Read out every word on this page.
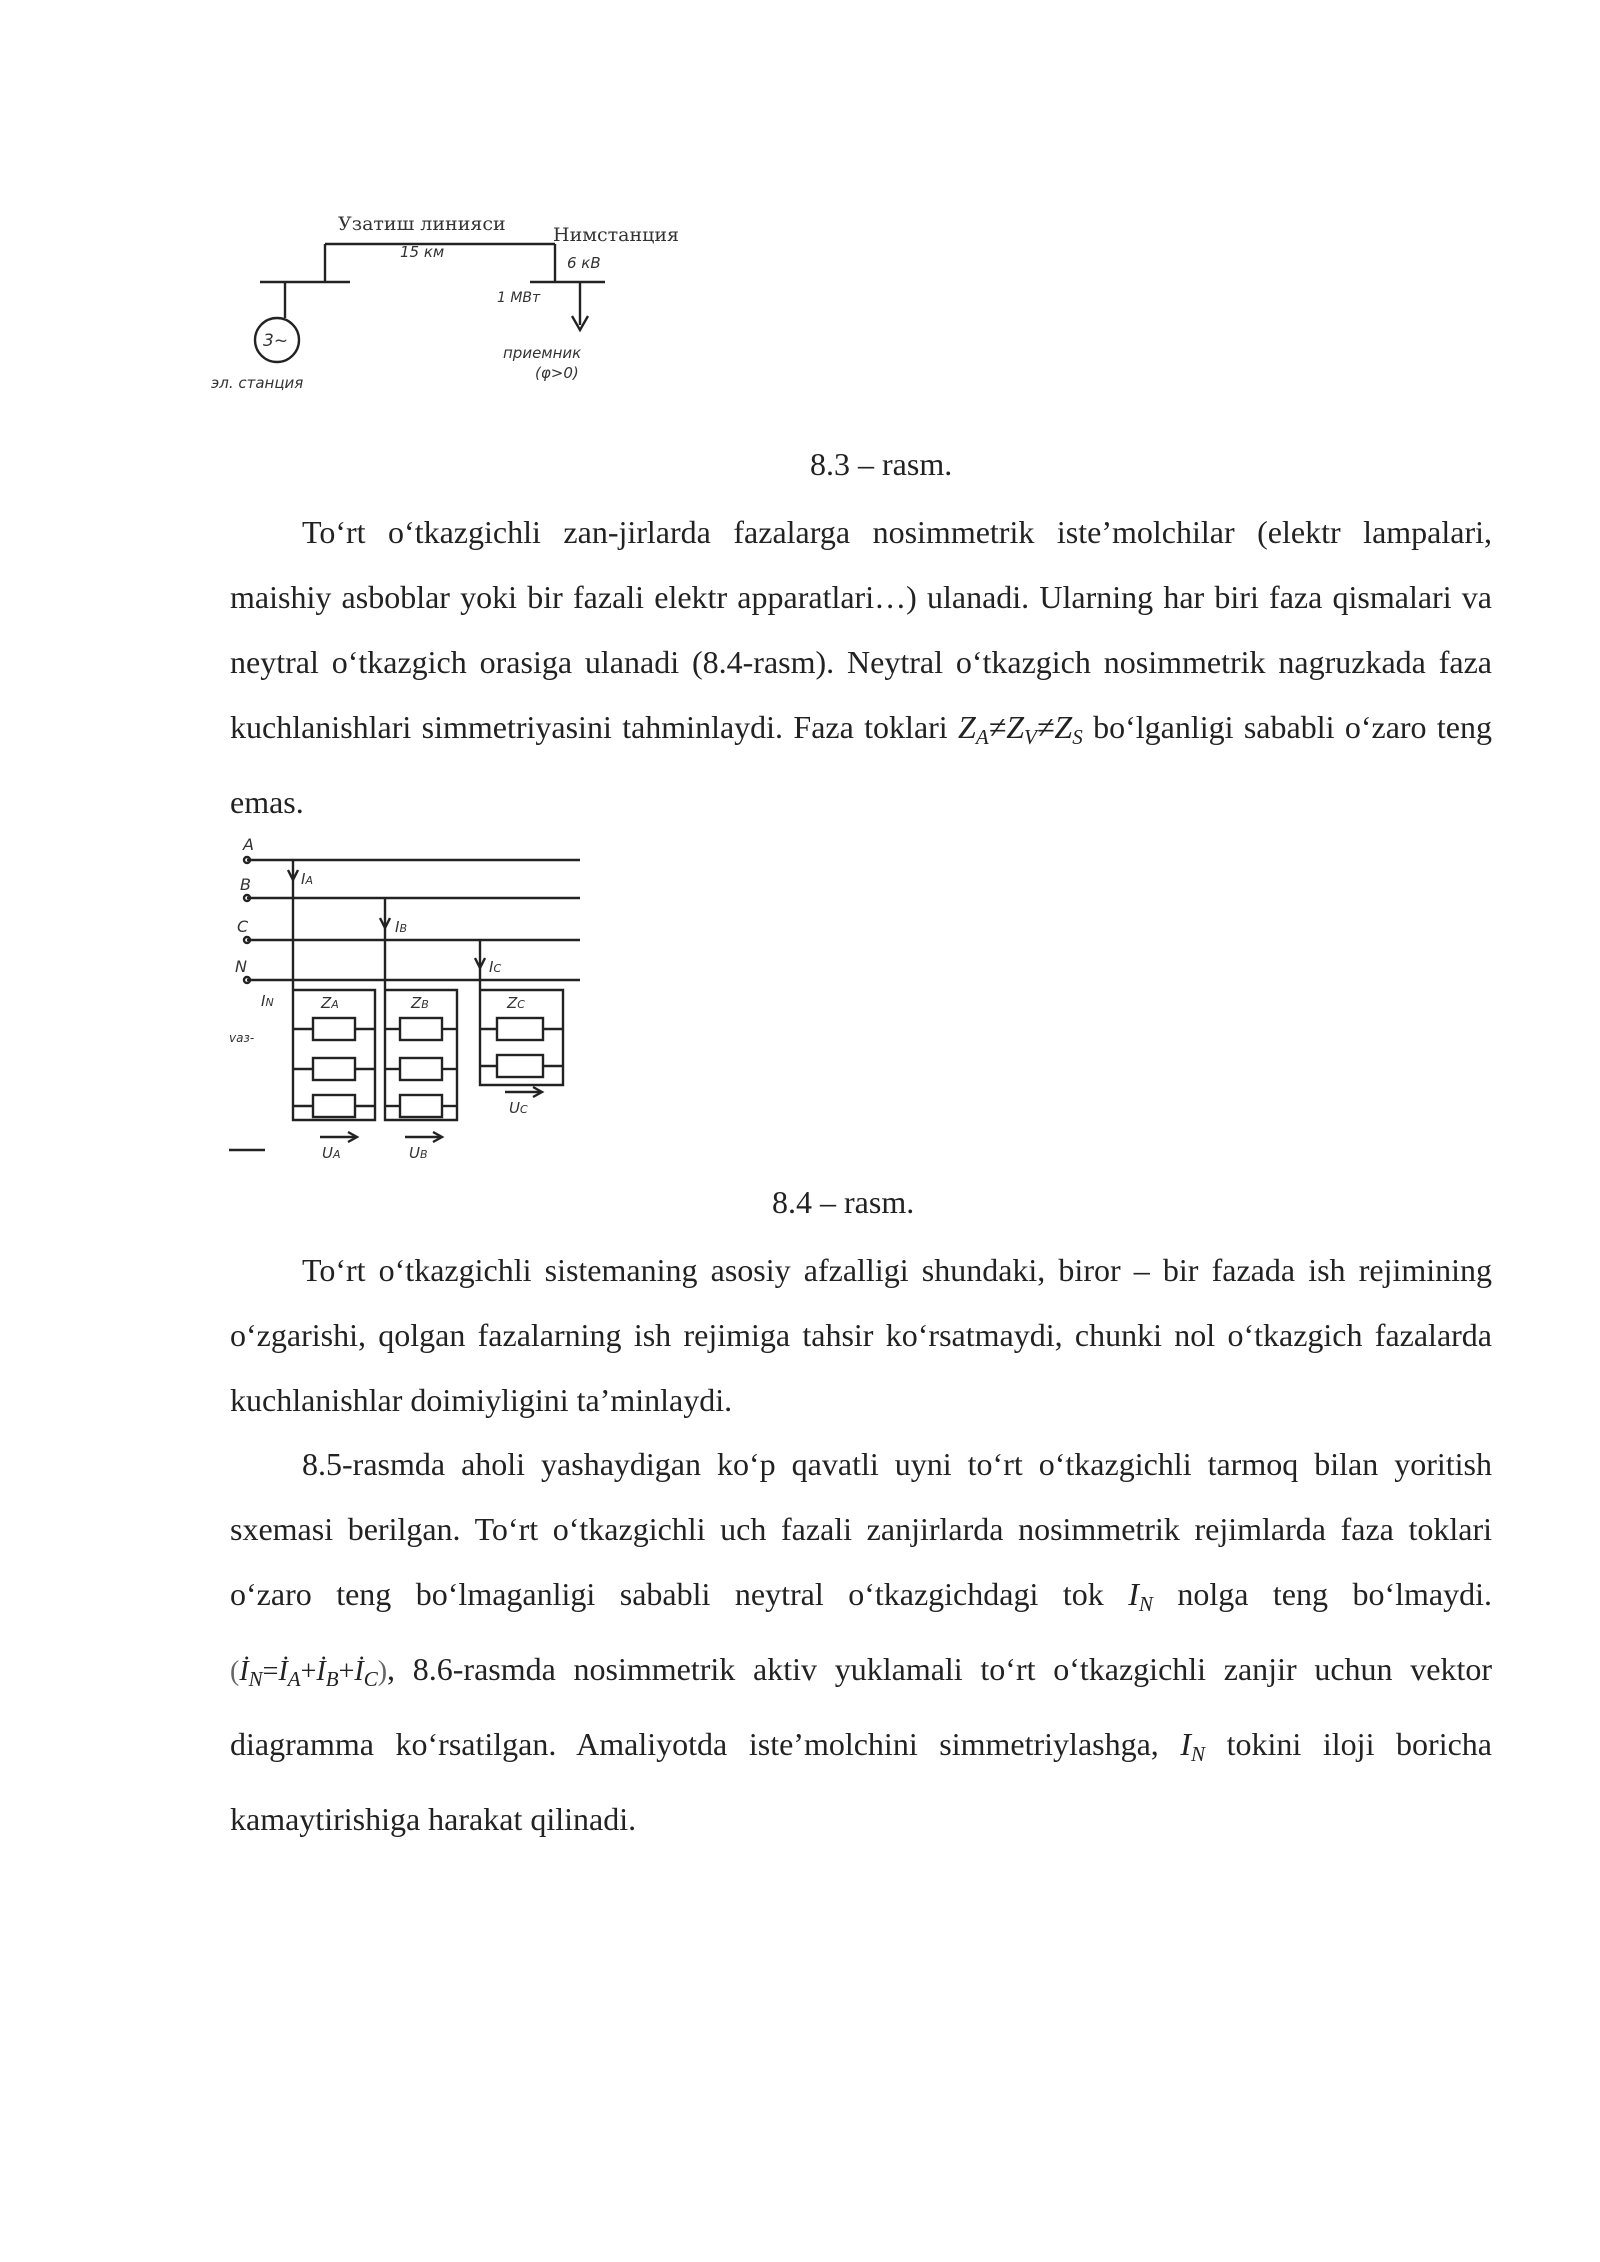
3~
Узатиш линияси
15 км
Нимстанция
6 кВ
1 МВт
эл. станция
приемник
(φ>0)
8.3 – rasm.

To‘rt o‘tkazgichli zan-jirlarda fazalarga nosimmetrik iste’molchilar (elektr lampalari, maishiy asboblar yoki bir fazali elektr apparatlari…) ulanadi. Ularning har biri faza qismalari va neytral o‘tkazgich orasiga ulanadi (8.4-rasm). Neytral o‘tkazgich nosimmetrik nagruzkada faza kuchlanishlari simmetriyasini tahminlaydi. Faza toklari $Z_A\ne Z_V\ne Z_S$ bo‘lganligi sababli o‘zaro teng emas.

A
B
C
N
IA
IB
IC
IN	ZA	ZB	ZC
UA	UB
UC
vaз-
8.4 – rasm.

To‘rt o‘tkazgichli sistemaning asosiy afzalligi shundaki, biror – bir fazada ish rejimining o‘zgarishi, qolgan fazalarning ish rejimiga tahsir ko‘rsatmaydi, chunki nol o‘tkazgich fazalarda kuchlanishlar doimiyligini ta’minlaydi.

8.5-rasmda aholi yashaydigan ko‘p qavatli uyni to‘rt o‘tkazgichli tarmoq bilan yoritish sxemasi berilgan. To‘rt o‘tkazgichli uch fazali zanjirlarda nosimmetrik rejimlarda faza toklari o‘zaro teng bo‘lmaganligi sababli neytral o‘tkazgichdagi tok $I_N$ nolga teng bo‘lmaydi. $(İ_N=İ_A+İ_B+İ_C)$, 8.6-rasmda nosimmetrik aktiv yuklamali to‘rt o‘tkazgichli zanjir uchun vektor diagramma ko‘rsatilgan. Amaliyotda iste’molchini simmetriylashga, $I_N$ tokini iloji boricha kamaytirishiga harakat qilinadi.
